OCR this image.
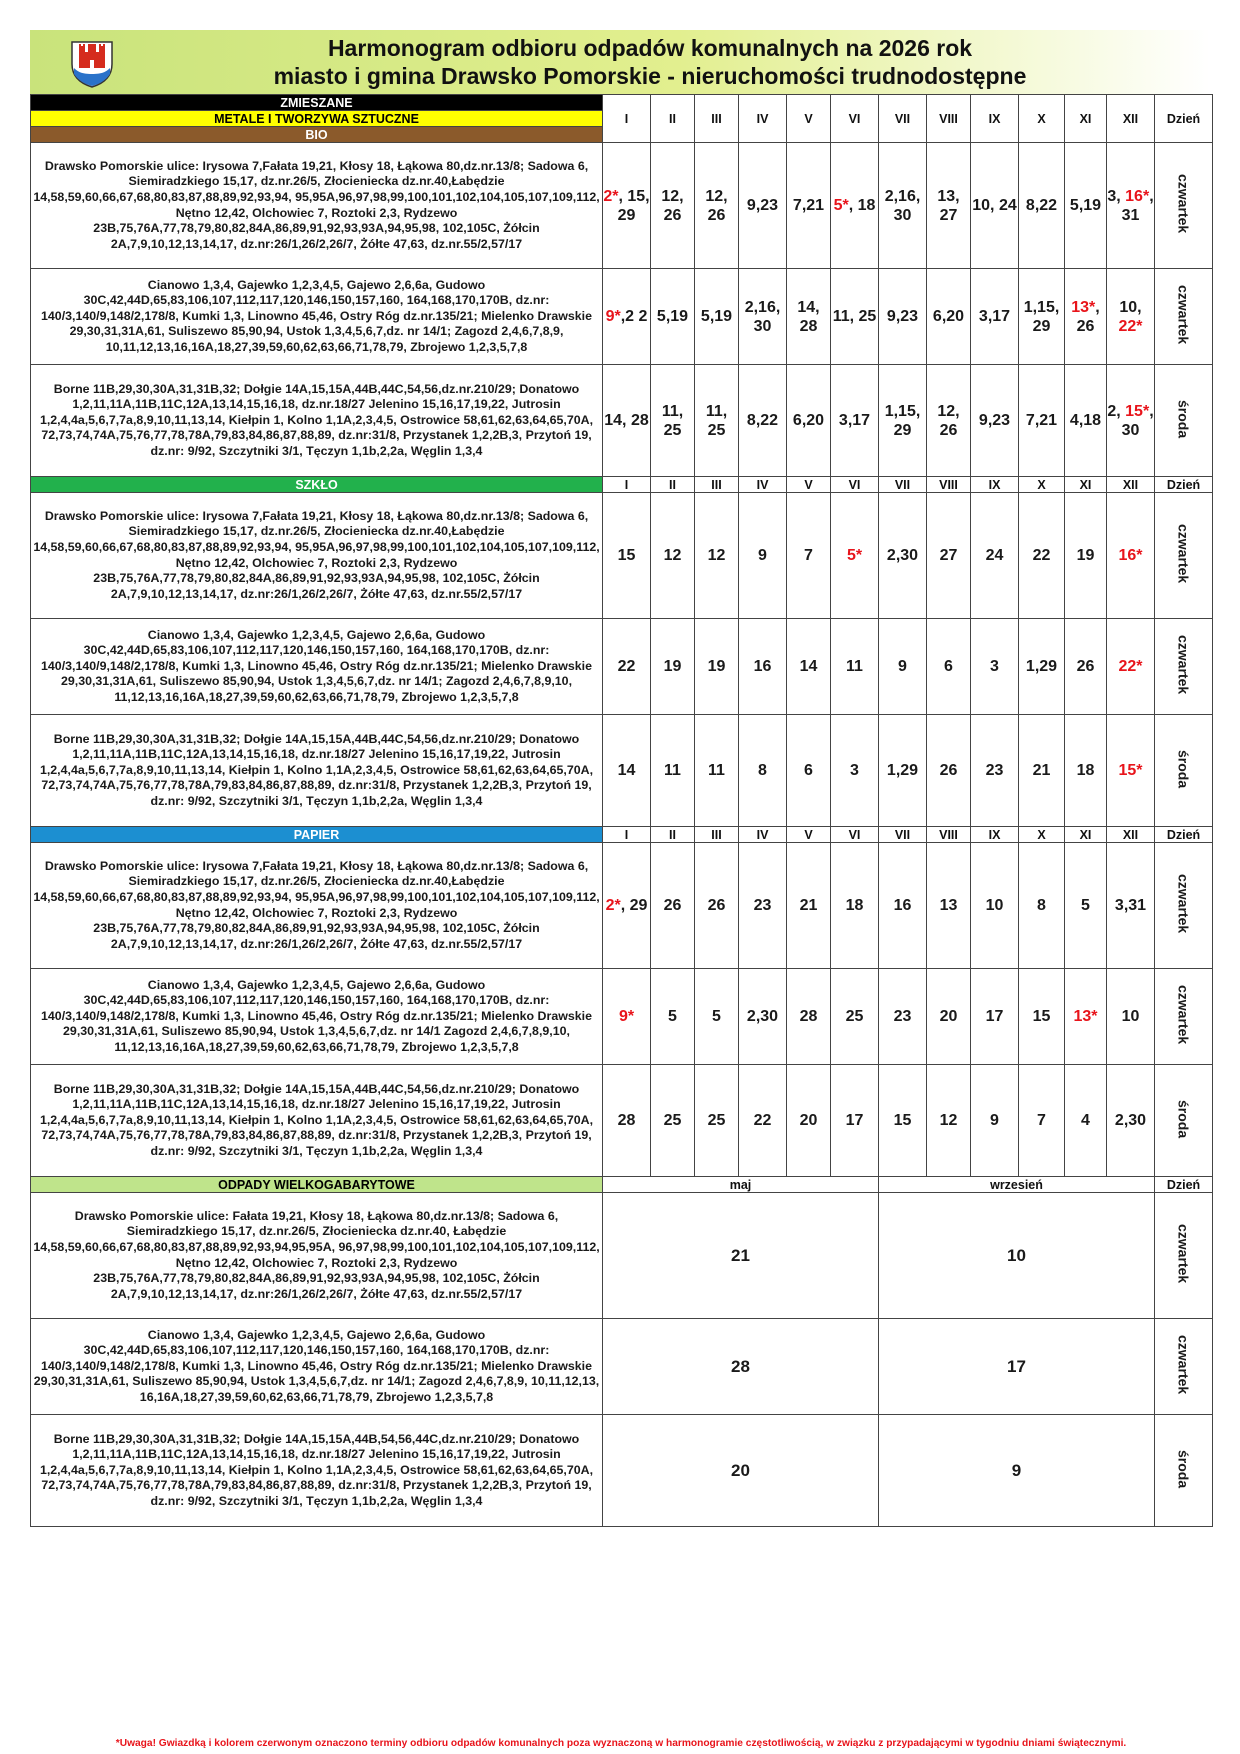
Harmonogram odbioru odpadów komunalnych na 2026 rok
miasto i gmina Drawsko Pomorskie - nieruchomości trudnodostępne
ZMIESZANE	I	II	III	IV	V	VI	VII	VIII	IX	X	XI	XII	Dzień
METALE I TWORZYWA SZTUCZNE													
BIO													
Drawsko Pomorskie ulice: Irysowa 7,Fałata 19,21, Kłosy 18, Łąkowa 80,dz.nr.13/8; Sadowa 6, Siemiradzkiego 15,17, dz.nr.26/5, Złocieniecka dz.nr.40,Łabędzie 14,58,59,60,66,67,68,80,83,87,88,89,92,93,94, 95,95A,96,97,98,99,100,101,102,104,105,107,109,112, Nętno 12,42, Olchowiec 7, Roztoki 2,3, Rydzewo 23B,75,76A,77,78,79,80,82,84A,86,89,91,92,93,93A,94,95,98, 102,105C, Żółcin 2A,7,9,10,12,13,14,17, dz.nr:26/1,26/2,26/7, Żółte 47,63, dz.nr.55/2,57/17	2*, 15, 29	12, 26	12, 26	9,23	7,21	5*, 18	2,16, 30	13, 27	10, 24	8,22	5,19	3, 16*, 31	czwartek
Cianowo 1,3,4, Gajewko 1,2,3,4,5, Gajewo 2,6,6a, Gudowo 30C,42,44D,65,83,106,107,112,117,120,146,150,157,160, 164,168,170,170B, dz.nr: 140/3,140/9,148/2,178/8, Kumki 1,3, Linowno 45,46, Ostry Róg dz.nr.135/21; Mielenko Drawskie 29,30,31,31A,61, Suliszewo 85,90,94, Ustok 1,3,4,5,6,7,dz. nr 14/1; Zagozd 2,4,6,7,8,9, 10,11,12,13,16,16A,18,27,39,59,60,62,63,66,71,78,79, Zbrojewo 1,2,3,5,7,8	9*,2 2	5,19	5,19	2,16, 30	14, 28	11, 25	9,23	6,20	3,17	1,15, 29	13*, 26	10, 22*	czwartek
Borne 11B,29,30,30A,31,31B,32; Dołgie 14A,15,15A,44B,44C,54,56,dz.nr.210/29; Donatowo 1,2,11,11A,11B,11C,12A,13,14,15,16,18, dz.nr.18/27 Jelenino 15,16,17,19,22, Jutrosin 1,2,4,4a,5,6,7,7a,8,9,10,11,13,14, Kiełpin 1, Kolno 1,1A,2,3,4,5, Ostrowice 58,61,62,63,64,65,70A, 72,73,74,74A,75,76,77,78,78A,79,83,84,86,87,88,89, dz.nr:31/8, Przystanek 1,2,2B,3, Przytoń 19, dz.nr: 9/92, Szczytniki 3/1, Tęczyn 1,1b,2,2a, Węglin 1,3,4	14, 28	11, 25	11, 25	8,22	6,20	3,17	1,15, 29	12, 26	9,23	7,21	4,18	2, 15*, 30	środa
SZKŁO	I	II	III	IV	V	VI	VII	VIII	IX	X	XI	XII	Dzień
Drawsko Pomorskie ulice: Irysowa 7,Fałata 19,21, Kłosy 18, Łąkowa 80,dz.nr.13/8; Sadowa 6, Siemiradzkiego 15,17, dz.nr.26/5, Złocieniecka dz.nr.40,Łabędzie 14,58,59,60,66,67,68,80,83,87,88,89,92,93,94, 95,95A,96,97,98,99,100,101,102,104,105,107,109,112, Nętno 12,42, Olchowiec 7, Roztoki 2,3, Rydzewo 23B,75,76A,77,78,79,80,82,84A,86,89,91,92,93,93A,94,95,98, 102,105C, Żółcin 2A,7,9,10,12,13,14,17, dz.nr:26/1,26/2,26/7, Żółte 47,63, dz.nr.55/2,57/17	15	12	12	9	7	5*	2,30	27	24	22	19	16*	czwartek
Cianowo 1,3,4, Gajewko 1,2,3,4,5, Gajewo 2,6,6a, Gudowo 30C,42,44D,65,83,106,107,112,117,120,146,150,157,160, 164,168,170,170B, dz.nr: 140/3,140/9,148/2,178/8, Kumki 1,3, Linowno 45,46, Ostry Róg dz.nr.135/21; Mielenko Drawskie 29,30,31,31A,61, Suliszewo 85,90,94, Ustok 1,3,4,5,6,7,dz. nr 14/1; Zagozd 2,4,6,7,8,9,10, 11,12,13,16,16A,18,27,39,59,60,62,63,66,71,78,79, Zbrojewo 1,2,3,5,7,8	22	19	19	16	14	11	9	6	3	1,29	26	22*	czwartek
Borne 11B,29,30,30A,31,31B,32; Dołgie 14A,15,15A,44B,44C,54,56,dz.nr.210/29; Donatowo 1,2,11,11A,11B,11C,12A,13,14,15,16,18, dz.nr.18/27 Jelenino 15,16,17,19,22, Jutrosin 1,2,4,4a,5,6,7,7a,8,9,10,11,13,14, Kiełpin 1, Kolno 1,1A,2,3,4,5, Ostrowice 58,61,62,63,64,65,70A, 72,73,74,74A,75,76,77,78,78A,79,83,84,86,87,88,89, dz.nr:31/8, Przystanek 1,2,2B,3, Przytoń 19, dz.nr: 9/92, Szczytniki 3/1, Tęczyn 1,1b,2,2a, Węglin 1,3,4	14	11	11	8	6	3	1,29	26	23	21	18	15*	środa
PAPIER	I	II	III	IV	V	VI	VII	VIII	IX	X	XI	XII	Dzień
Drawsko Pomorskie ulice: Irysowa 7,Fałata 19,21, Kłosy 18, Łąkowa 80,dz.nr.13/8; Sadowa 6, Siemiradzkiego 15,17, dz.nr.26/5, Złocieniecka dz.nr.40,Łabędzie 14,58,59,60,66,67,68,80,83,87,88,89,92,93,94, 95,95A,96,97,98,99,100,101,102,104,105,107,109,112, Nętno 12,42, Olchowiec 7, Roztoki 2,3, Rydzewo 23B,75,76A,77,78,79,80,82,84A,86,89,91,92,93,93A,94,95,98, 102,105C, Żółcin 2A,7,9,10,12,13,14,17, dz.nr:26/1,26/2,26/7, Żółte 47,63, dz.nr.55/2,57/17	2*, 29	26	26	23	21	18	16	13	10	8	5	3,31	czwartek
Cianowo 1,3,4, Gajewko 1,2,3,4,5, Gajewo 2,6,6a, Gudowo 30C,42,44D,65,83,106,107,112,117,120,146,150,157,160, 164,168,170,170B, dz.nr: 140/3,140/9,148/2,178/8, Kumki 1,3, Linowno 45,46, Ostry Róg dz.nr.135/21; Mielenko Drawskie 29,30,31,31A,61, Suliszewo 85,90,94, Ustok 1,3,4,5,6,7,dz. nr 14/1 Zagozd 2,4,6,7,8,9,10, 11,12,13,16,16A,18,27,39,59,60,62,63,66,71,78,79, Zbrojewo 1,2,3,5,7,8	9*	5	5	2,30	28	25	23	20	17	15	13*	10	czwartek
Borne 11B,29,30,30A,31,31B,32; Dołgie 14A,15,15A,44B,44C,54,56,dz.nr.210/29; Donatowo 1,2,11,11A,11B,11C,12A,13,14,15,16,18, dz.nr.18/27 Jelenino 15,16,17,19,22, Jutrosin 1,2,4,4a,5,6,7,7a,8,9,10,11,13,14, Kiełpin 1, Kolno 1,1A,2,3,4,5, Ostrowice 58,61,62,63,64,65,70A, 72,73,74,74A,75,76,77,78,78A,79,83,84,86,87,88,89, dz.nr:31/8, Przystanek 1,2,2B,3, Przytoń 19, dz.nr: 9/92, Szczytniki 3/1, Tęczyn 1,1b,2,2a, Węglin 1,3,4	28	25	25	22	20	17	15	12	9	7	4	2,30	środa
ODPADY WIELKOGABARYTOWE	maj						wrzesień						Dzień
Drawsko Pomorskie ulice: Fałata 19,21, Kłosy 18, Łąkowa 80,dz.nr.13/8; Sadowa 6, Siemiradzkiego 15,17, dz.nr.26/5, Złocieniecka dz.nr.40, Łabędzie 14,58,59,60,66,67,68,80,83,87,88,89,92,93,94,95,95A, 96,97,98,99,100,101,102,104,105,107,109,112, Nętno 12,42, Olchowiec 7, Roztoki 2,3, Rydzewo 23B,75,76A,77,78,79,80,82,84A,86,89,91,92,93,93A,94,95,98, 102,105C, Żółcin 2A,7,9,10,12,13,14,17, dz.nr:26/1,26/2,26/7, Żółte 47,63, dz.nr.55/2,57/17	21						10						czwartek
Cianowo 1,3,4, Gajewko 1,2,3,4,5, Gajewo 2,6,6a, Gudowo 30C,42,44D,65,83,106,107,112,117,120,146,150,157,160, 164,168,170,170B, dz.nr: 140/3,140/9,148/2,178/8, Kumki 1,3, Linowno 45,46, Ostry Róg dz.nr.135/21; Mielenko Drawskie 29,30,31,31A,61, Suliszewo 85,90,94, Ustok 1,3,4,5,6,7,dz. nr 14/1; Zagozd 2,4,6,7,8,9, 10,11,12,13, 16,16A,18,27,39,59,60,62,63,66,71,78,79, Zbrojewo 1,2,3,5,7,8	28						17						czwartek
Borne 11B,29,30,30A,31,31B,32; Dołgie 14A,15,15A,44B,54,56,44C,dz.nr.210/29; Donatowo 1,2,11,11A,11B,11C,12A,13,14,15,16,18, dz.nr.18/27 Jelenino 15,16,17,19,22, Jutrosin 1,2,4,4a,5,6,7,7a,8,9,10,11,13,14, Kiełpin 1, Kolno 1,1A,2,3,4,5, Ostrowice 58,61,62,63,64,65,70A, 72,73,74,74A,75,76,77,78,78A,79,83,84,86,87,88,89, dz.nr:31/8, Przystanek 1,2,2B,3, Przytoń 19, dz.nr: 9/92, Szczytniki 3/1, Tęczyn 1,1b,2,2a, Węglin 1,3,4	20						9						środa
*Uwaga! Gwiazdką i kolorem czerwonym oznaczono terminy odbioru odpadów komunalnych poza wyznaczoną w harmonogramie częstotliwością, w związku z przypadającymi w tygodniu dniami świątecznymi.
